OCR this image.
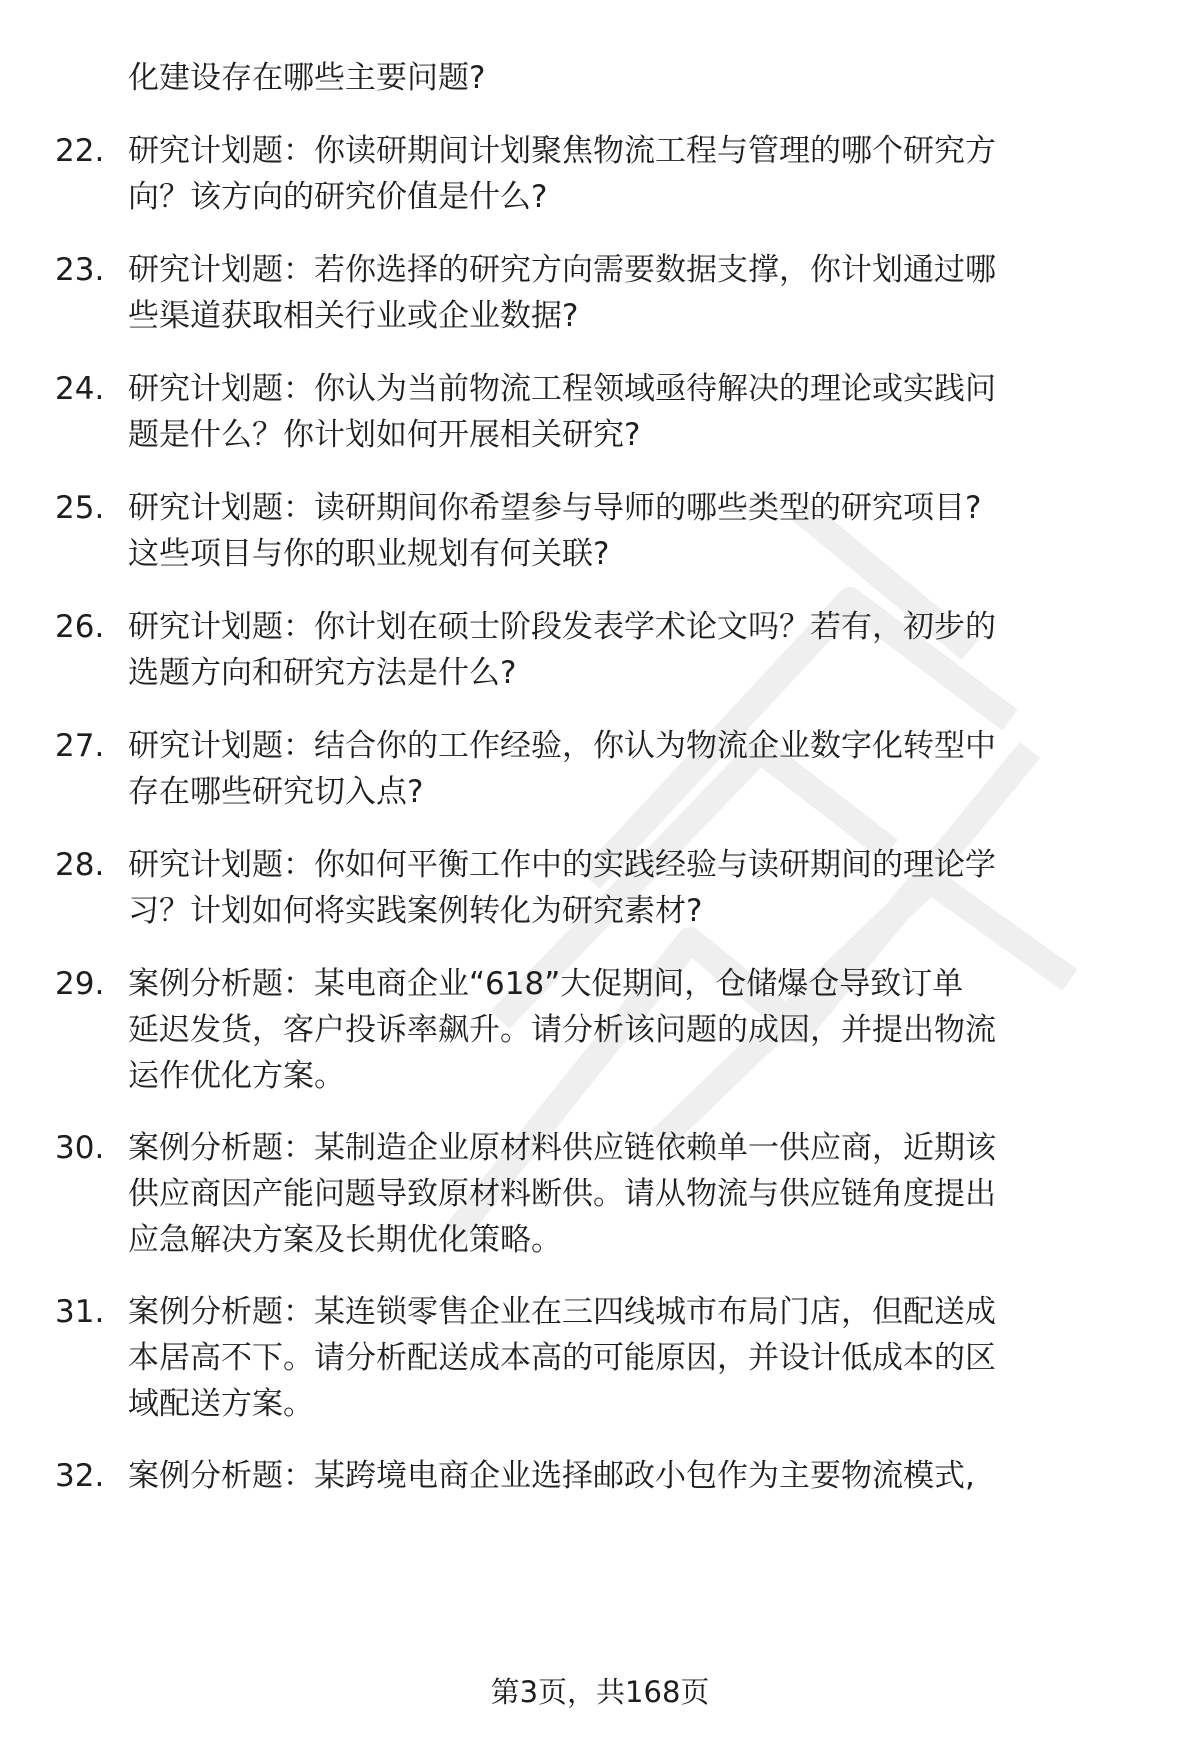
化建设存在哪些主要问题?
22. 研究计划题：你读研期间计划聚焦物流工程与管理的哪个研究方
向？该方向的研究价值是什么?
23. 研究计划题：若你选择的研究方向需要数据支撑，你计划通过哪
些渠道获取相关行业或企业数据?
24. 研究计划题：你认为当前物流工程领域亟待解决的理论或实践问
题是什么？你计划如何开展相关研究?
25. 研究计划题：读研期间你希望参与导师的哪些类型的研究项目?
这些项目与你的职业规划有何关联?
26. 研究计划题：你计划在硕士阶段发表学术论文吗？若有，初步的
选题方向和研究方法是什么?
27. 研究计划题：结合你的工作经验，你认为物流企业数字化转型中
存在哪些研究切入点?
28. 研究计划题：你如何平衡工作中的实践经验与读研期间的理论学
习？计划如何将实践案例转化为研究素材?
29. 案例分析题：某电商企业“618”大促期间，仓储爆仓导致订单
延迟发货，客户投诉率飙升。请分析该问题的成因，并提出物流
运作优化方案。
30. 案例分析题：某制造企业原材料供应链依赖单一供应商，近期该
供应商因产能问题导致原材料断供。请从物流与供应链角度提出
应急解决方案及长期优化策略。
31. 案例分析题：某连锁零售企业在三四线城市布局门店，但配送成
本居高不下。请分析配送成本高的可能原因，并设计低成本的区
域配送方案。
32. 案例分析题：某跨境电商企业选择邮政小包作为主要物流模式,
第3页，共168页
